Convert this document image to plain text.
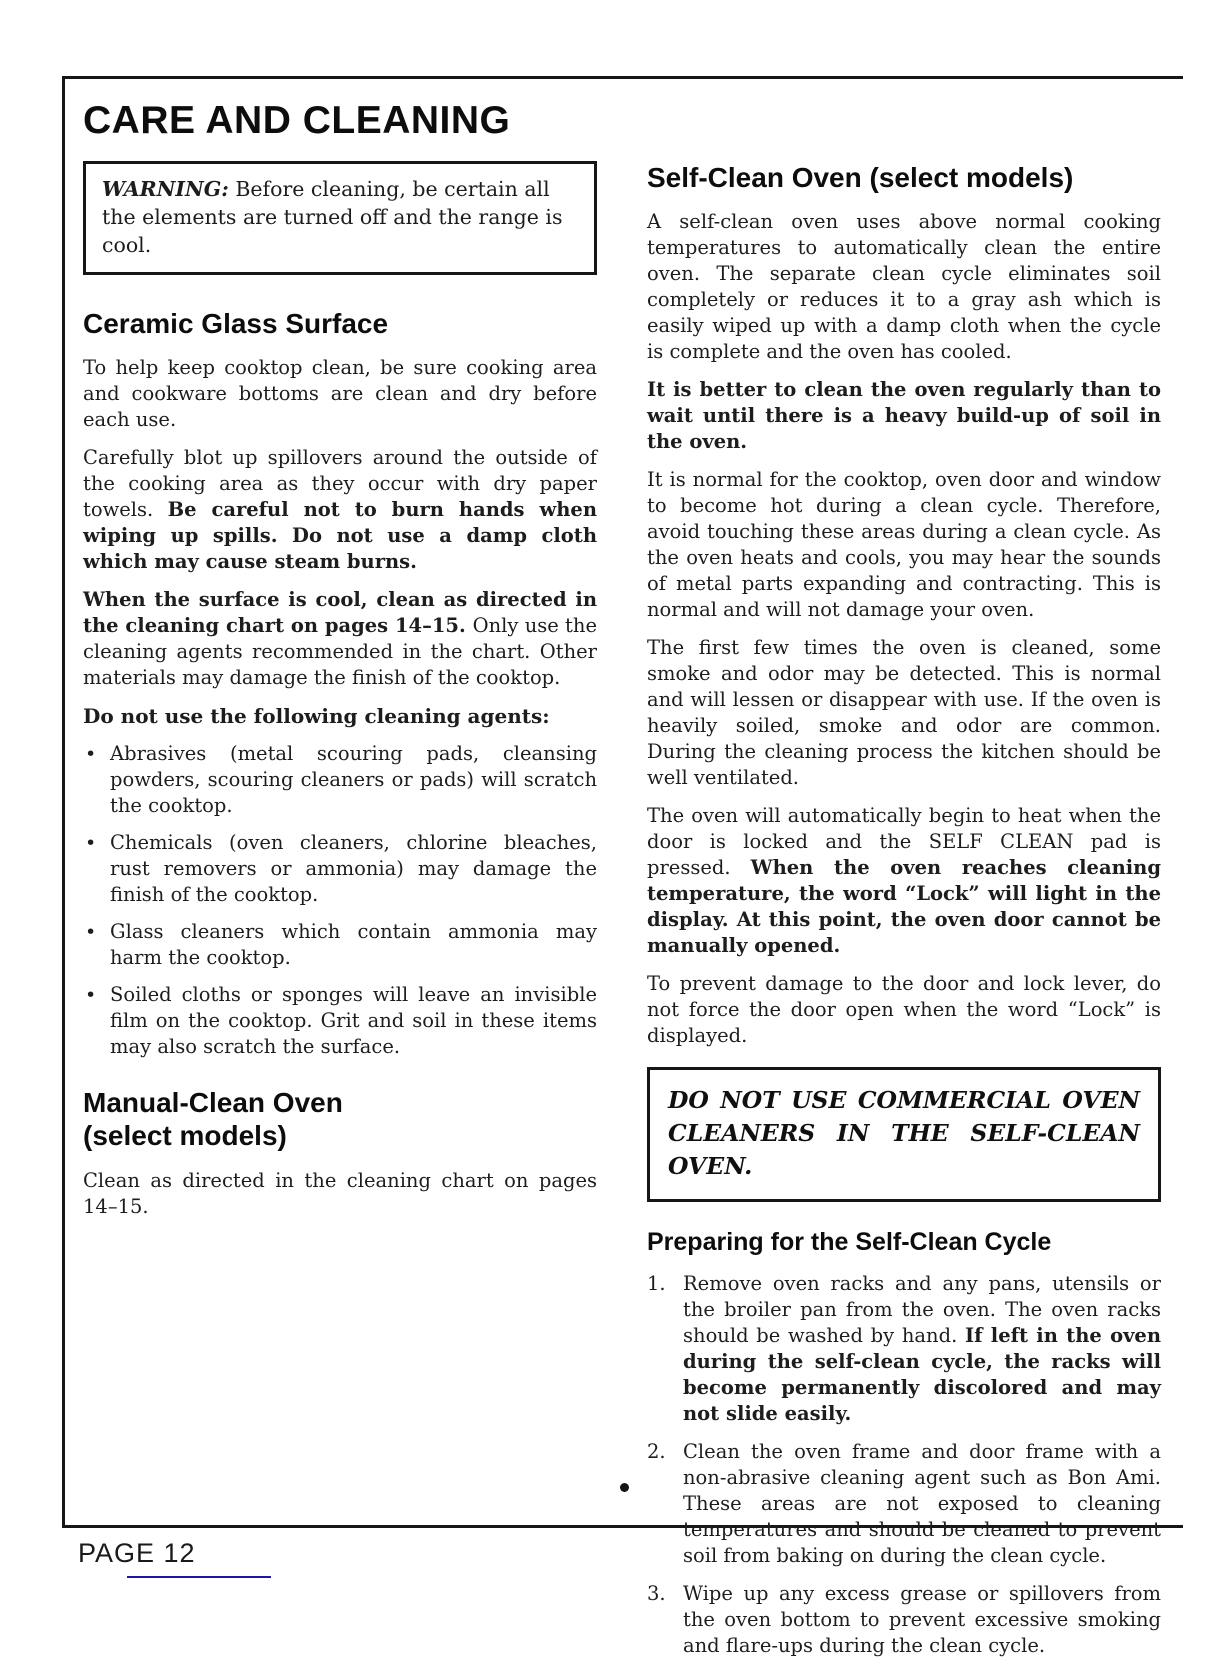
CARE AND CLEANING

WARNING: Before cleaning, be certain all the elements are turned off and the range is cool.

Ceramic Glass Surface

To help keep cooktop clean, be sure cooking area and cookware bottoms are clean and dry before each use.

Carefully blot up spillovers around the outside of the cooking area as they occur with dry paper towels. Be careful not to burn hands when wiping up spills. Do not use a damp cloth which may cause steam burns.

When the surface is cool, clean as directed in the cleaning chart on pages 14–15. Only use the cleaning agents recommended in the chart. Other materials may damage the finish of the cooktop.

Do not use the following cleaning agents:

• Abrasives (metal scouring pads, cleansing powders, scouring cleaners or pads) will scratch the cooktop.
• Chemicals (oven cleaners, chlorine bleaches, rust removers or ammonia) may damage the finish of the cooktop.
• Glass cleaners which contain ammonia may harm the cooktop.
• Soiled cloths or sponges will leave an invisible film on the cooktop. Grit and soil in these items may also scratch the surface.
Manual-Clean Oven
(select models)

Clean as directed in the cleaning chart on pages 14–15.

Self-Clean Oven (select models)

A self-clean oven uses above normal cooking temperatures to automatically clean the entire oven. The separate clean cycle eliminates soil completely or reduces it to a gray ash which is easily wiped up with a damp cloth when the cycle is complete and the oven has cooled.

It is better to clean the oven regularly than to wait until there is a heavy build-up of soil in the oven.

It is normal for the cooktop, oven door and window to become hot during a clean cycle. Therefore, avoid touching these areas during a clean cycle. As the oven heats and cools, you may hear the sounds of metal parts expanding and contracting. This is normal and will not damage your oven.

The first few times the oven is cleaned, some smoke and odor may be detected. This is normal and will lessen or disappear with use. If the oven is heavily soiled, smoke and odor are common. During the cleaning process the kitchen should be well ventilated.

The oven will automatically begin to heat when the door is locked and the SELF CLEAN pad is pressed. When the oven reaches cleaning temperature, the word “Lock” will light in the display. At this point, the oven door cannot be manually opened.

To prevent damage to the door and lock lever, do not force the door open when the word “Lock” is displayed.

DO NOT USE COMMERCIAL OVEN CLEANERS IN THE SELF-CLEAN OVEN.

Preparing for the Self-Clean Cycle
1. Remove oven racks and any pans, utensils or the broiler pan from the oven. The oven racks should be washed by hand. If left in the oven during the self-clean cycle, the racks will become permanently discolored and may not slide easily.
2. Clean the oven frame and door frame with a non-abrasive cleaning agent such as Bon Ami. These areas are not exposed to cleaning temperatures and should be cleaned to prevent soil from baking on during the clean cycle.
3. Wipe up any excess grease or spillovers from the oven bottom to prevent excessive smoking and flare-ups during the clean cycle.
PAGE 12
